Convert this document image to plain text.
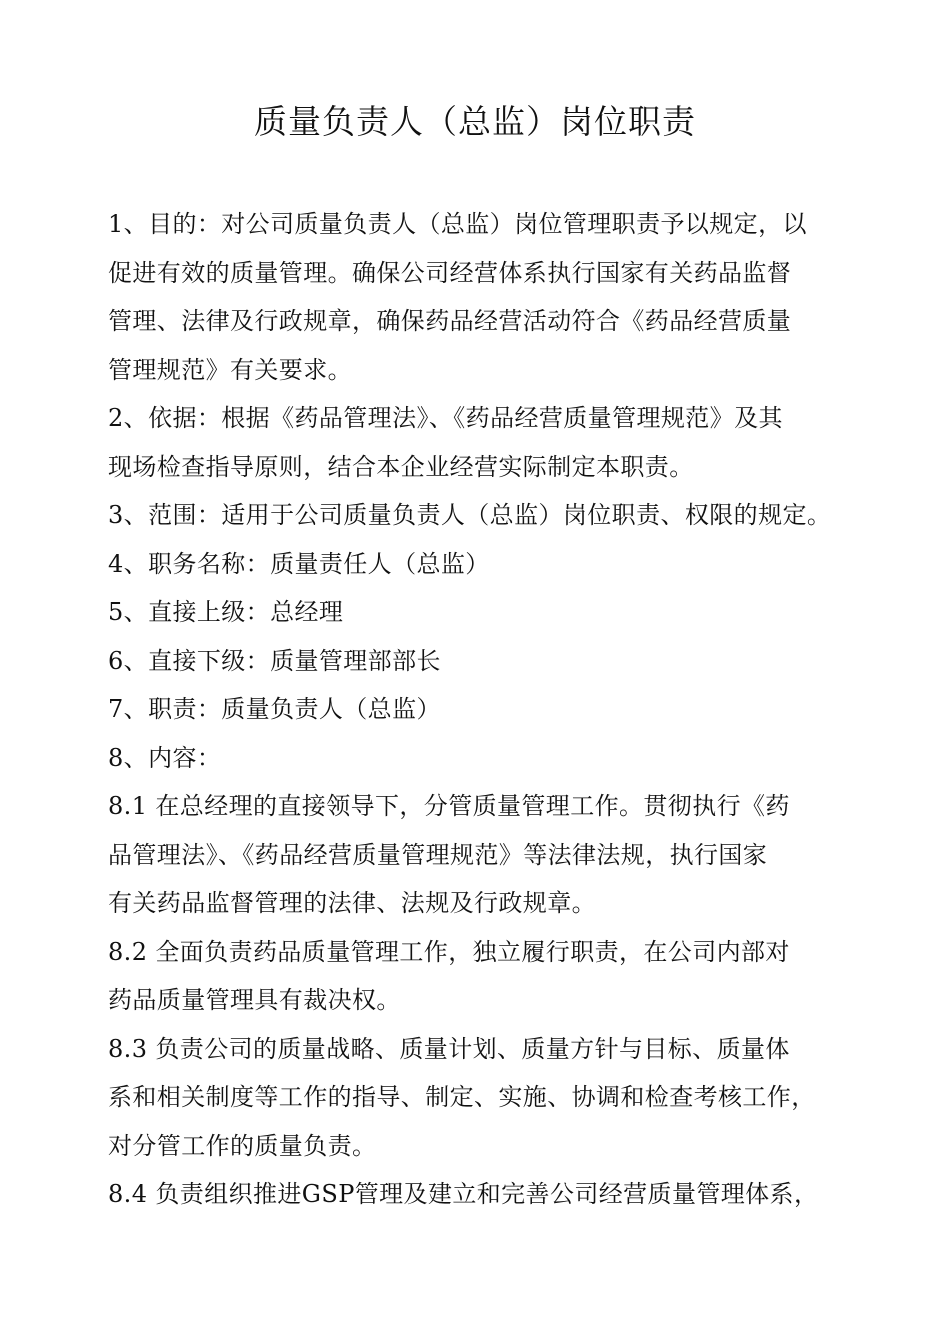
质量负责人（总监）岗位职责

1、目的：对公司质量负责人（总监）岗位管理职责予以规定，以
促进有效的质量管理。确保公司经营体系执行国家有关药品监督
管理、法律及行政规章，确保药品经营活动符合《药品经营质量
管理规范》有关要求。

2、依据：根据《药品管理法》、《药品经营质量管理规范》及其
现场检查指导原则，结合本企业经营实际制定本职责。

3、范围：适用于公司质量负责人（总监）岗位职责、权限的规定。

4、职务名称：质量责任人（总监）

5、直接上级：总经理

6、直接下级：质量管理部部长

7、职责：质量负责人（总监）

8、内容：

8.1 在总经理的直接领导下，分管质量管理工作。贯彻执行《药
品管理法》、《药品经营质量管理规范》等法律法规，执行国家
有关药品监督管理的法律、法规及行政规章。

8.2 全面负责药品质量管理工作，独立履行职责，在公司内部对
药品质量管理具有裁决权。

8.3 负责公司的质量战略、质量计划、质量方针与目标、质量体
系和相关制度等工作的指导、制定、实施、协调和检查考核工作，
对分管工作的质量负责。

8.4 负责组织推进GSP管理及建立和完善公司经营质量管理体系，
